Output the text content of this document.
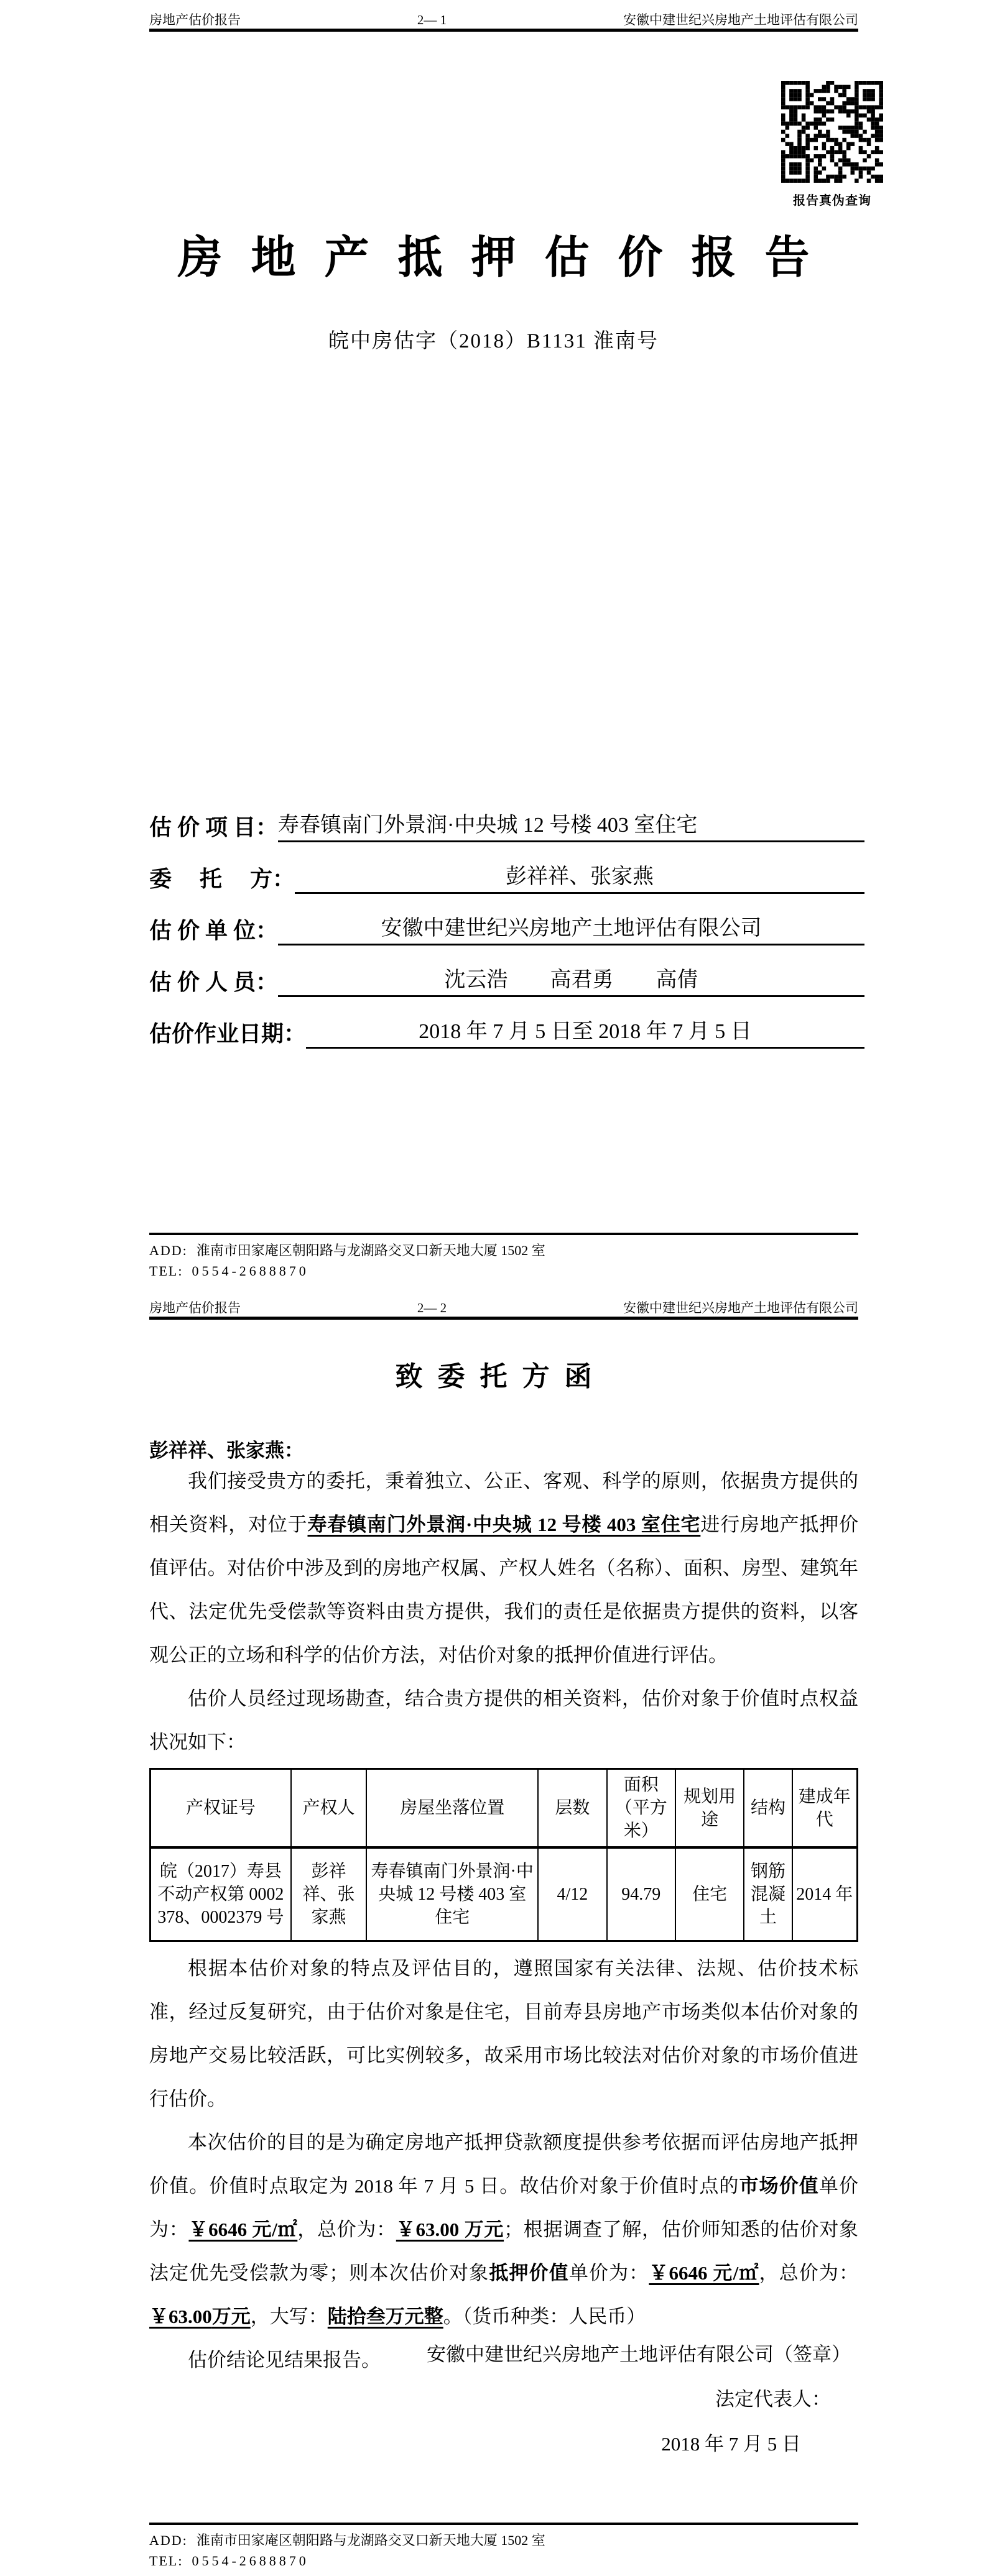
房地产估价报告	2— 1	安徽中建世纪兴房地产土地评估有限公司
报告真伪查询
房地产抵押估价报告
皖中房估字（2018）B1131 淮南号
估 价 项 目： 寿春镇南门外景润·中央城 12 号楼 403 室住宅
委　 托　 方：	彭祥祥、张家燕
估 价 单 位：	安徽中建世纪兴房地产土地评估有限公司
估 价 人 员：	沈云浩　　高君勇　　高倩
估价作业日期：	2018 年 7 月 5 日至 2018 年 7 月 5 日
ADD: 淮南市田家庵区朝阳路与龙湖路交叉口新天地大厦 1502 室
TEL: 0554-2688870
房地产估价报告	2— 2	安徽中建世纪兴房地产土地评估有限公司
致委托方函
彭祥祥、张家燕：
我们接受贵方的委托，秉着独立、公正、客观、科学的原则，依据贵方提供的相关资料，对位于寿春镇南门外景润·中央城 12 号楼 403 室住宅进行房地产抵押价值评估。对估价中涉及到的房地产权属、产权人姓名（名称）、面积、房型、建筑年代、法定优先受偿款等资料由贵方提供，我们的责任是依据贵方提供的资料，以客观公正的立场和科学的估价方法，对估价对象的抵押价值进行评估。
估价人员经过现场勘查，结合贵方提供的相关资料，估价对象于价值时点权益状况如下：
产权证号	产权人	房屋坐落位置	层数	面积（平方米）	规划用途	结构	建成年代
皖（2017）寿县不动产权第 0002378、0002379 号	彭祥祥、张家燕	寿春镇南门外景润·中央城 12 号楼 403 室住宅	4/12	94.79	住宅	钢筋混凝土	2014 年
根据本估价对象的特点及评估目的，遵照国家有关法律、法规、估价技术标准，经过反复研究，由于估价对象是住宅，目前寿县房地产市场类似本估价对象的房地产交易比较活跃，可比实例较多，故采用市场比较法对估价对象的市场价值进行估价。
本次估价的目的是为确定房地产抵押贷款额度提供参考依据而评估房地产抵押价值。价值时点取定为 2018 年 7 月 5 日。故估价对象于价值时点的市场价值单价为：￥6646 元/㎡，总价为：￥63.00 万元；根据调查了解，估价师知悉的估价对象法定优先受偿款为零；则本次估价对象抵押价值单价为：￥6646 元/㎡，总价为：￥63.00万元，大写：陆拾叁万元整。（货币种类：人民币）
估价结论见结果报告。	安徽中建世纪兴房地产土地评估有限公司（签章）
法定代表人：
2018 年 7 月 5 日
ADD: 淮南市田家庵区朝阳路与龙湖路交叉口新天地大厦 1502 室
TEL: 0554-2688870
